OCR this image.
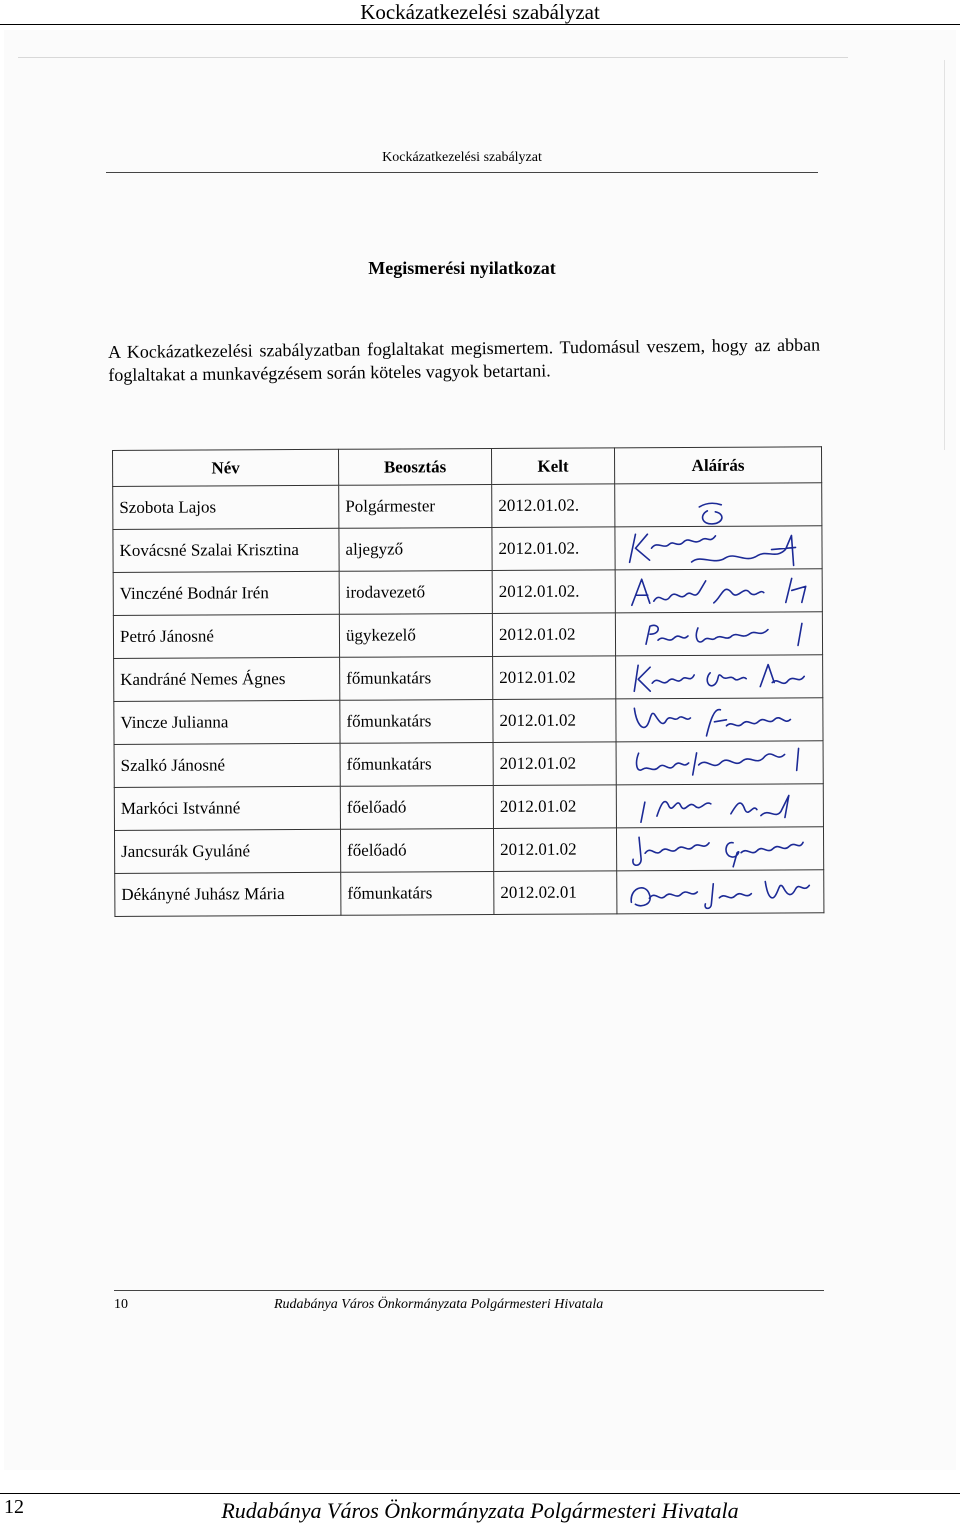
Kockázatkezelési szabályzat
Kockázatkezelési szabályzat
Megismerési nyilatkozat
A Kockázatkezelési szabályzatban foglaltakat megismertem. Tudomásul veszem, hogy az abban foglaltakat a munkavégzésem során köteles vagyok betartani.
Név	Beosztás	Kelt	Aláírás
Szobota Lajos	Polgármester	2012.01.02.	

Kovácsné Szalai Krisztina	aljegyző	2012.01.02.	

Vinczéné Bodnár Irén	irodavezető	2012.01.02.	

Petró Jánosné	ügykezelő	2012.01.02	

Kandráné Nemes Ágnes	főmunkatárs	2012.01.02	

Vincze Julianna	főmunkatárs	2012.01.02	

Szalkó Jánosné	főmunkatárs	2012.01.02	

Markóci Istvánné	főelőadó	2012.01.02	

Jancsurák Gyuláné	főelőadó	2012.01.02	

Dékányné Juhász Mária	főmunkatárs	2012.02.01	
10	Rudabánya Város Önkormányzata Polgármesteri Hivatala
12	Rudabánya Város Önkormányzata Polgármesteri Hivatala
